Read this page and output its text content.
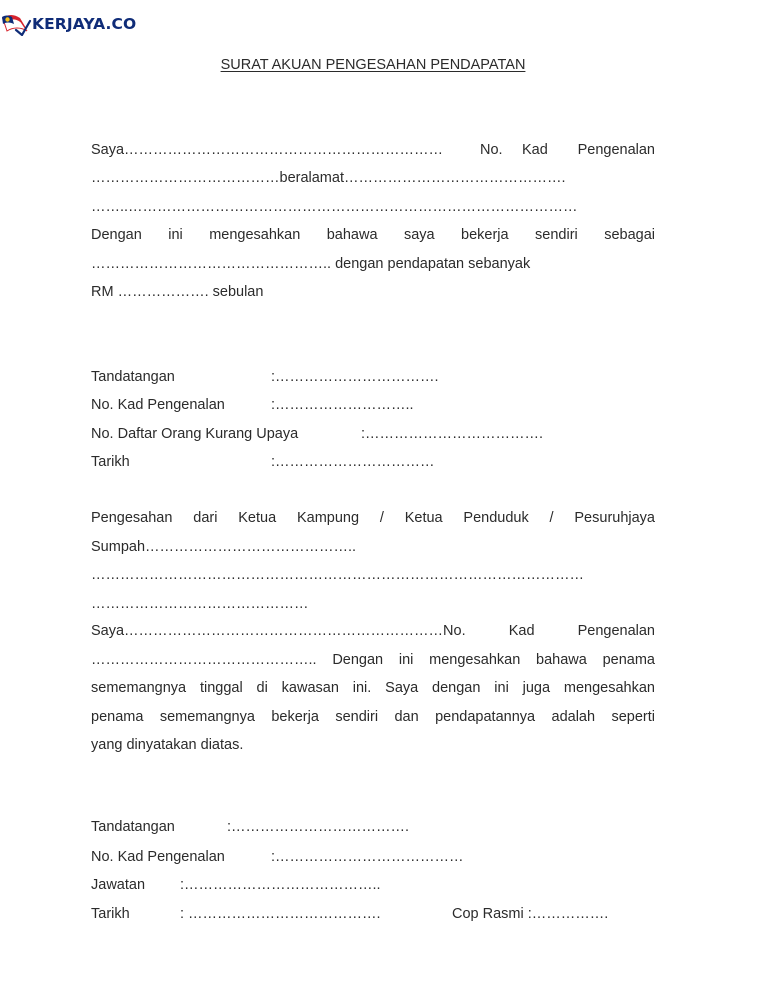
KERJAYA.CO
SURAT AKUAN PENGESAHAN PENDAPATAN
Saya…………………………………………………………	No. Kad Pengenalan
…………………………………beralamat……………………………………….
……..…………………………………………………………………………………
Dengan ini mengesahkan bahawa saya bekerja sendiri sebagai
………………………………………….. dengan pendapatan sebanyak
RM ………………. sebulan
Tandatangan	:…………………………….
No. Kad Pengenalan	:………………………..
No. Daftar Orang Kurang Upaya	:……………………………….
Tarikh	:……………………………
Pengesahan dari Ketua Kampung / Ketua Penduduk / Pesuruhjaya
Sumpah……………………………………..
…………………………………………………………………………………………
………………………………………
Saya…………………………………………………………No.	Kad	Pengenalan
……………………………………….. Dengan ini mengesahkan bahawa penama
sememangnya tinggal di kawasan ini. Saya dengan ini juga mengesahkan
penama sememangnya bekerja sendiri dan pendapatannya adalah seperti
yang dinyatakan diatas.
Tandatangan	:……………………………….
No. Kad Pengenalan	:…………………………………
Jawatan :…………………………………..
Tarikh	: ………………………………….	Cop Rasmi :…………….
